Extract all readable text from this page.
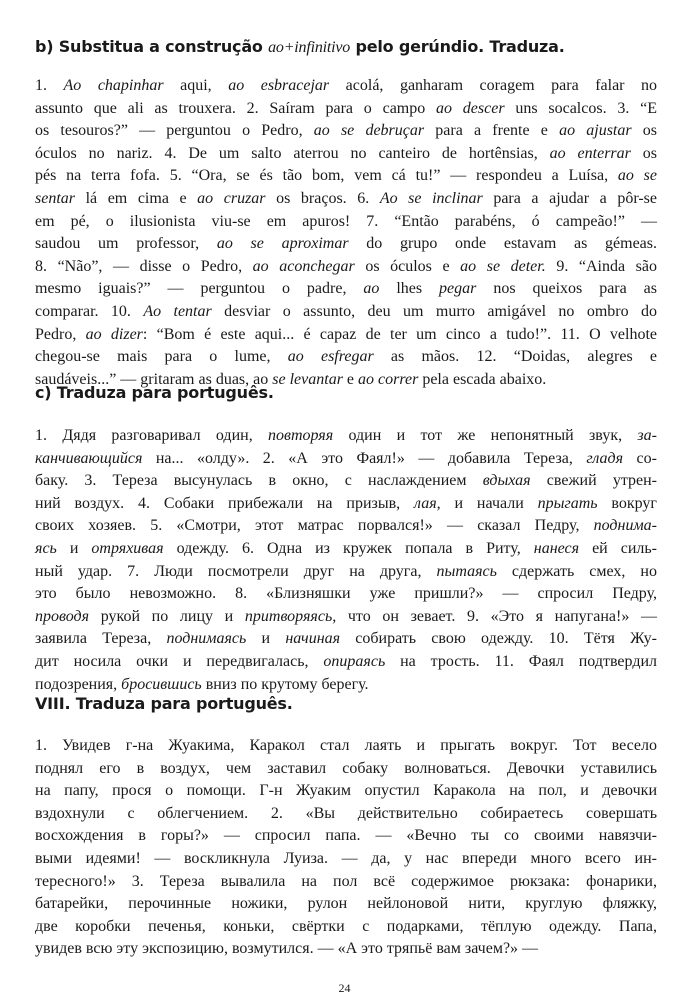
b) Substitua a construção ao+infinitivo pelo gerúndio. Traduza.
1. Ao chapinhar aqui, ao esbracejar acolá, ganharam coragem para falar no
assunto que ali as trouxera. 2. Saíram para o campo ao descer uns socalcos. 3. “E
os tesouros?” — perguntou o Pedro, ao se debruçar para a frente e ao ajustar os
óculos no nariz. 4. De um salto aterrou no canteiro de hortênsias, ao enterrar os
pés na terra fofa. 5. “Ora, se és tão bom, vem cá tu!” — respondeu a Luísa, ao se
sentar lá em cima e ao cruzar os braços. 6. Ao se inclinar para a ajudar a pôr-se
em pé, o ilusionista viu-se em apuros! 7. “Então parabéns, ó campeão!” —
saudou um professor, ao se aproximar do grupo onde estavam as gémeas.
8. “Não”, — disse o Pedro, ao aconchegar os óculos e ao se deter. 9. “Ainda são
mesmo iguais?” — perguntou o padre, ao lhes pegar nos queixos para as
comparar. 10. Ao tentar desviar o assunto, deu um murro amigável no ombro do
Pedro, ao dizer: “Bom é este aqui... é capaz de ter um cinco a tudo!”. 11. O velhote
chegou-se mais para o lume, ao esfregar as mãos. 12. “Doidas, alegres e
saudáveis...” — gritaram as duas, ao se levantar e ao correr pela escada abaixo.
c) Traduza para português.
1. Дядя разговаривал один, повторяя один и тот же непонятный звук, за-
канчивающийся на... «олду». 2. «А это Фаял!» — добавила Тереза, гладя со-
баку. 3. Тереза высунулась в окно, с наслаждением вдыхая свежий утрен-
ний воздух. 4. Собаки прибежали на призыв, лая, и начали прыгать вокруг
своих хозяев. 5. «Смотри, этот матрас порвался!» — сказал Педру, поднима-
ясь и отряхивая одежду. 6. Одна из кружек попала в Риту, нанеся ей силь-
ный удар. 7. Люди посмотрели друг на друга, пытаясь сдержать смех, но
это было невозможно. 8. «Близняшки уже пришли?» — спросил Педру,
проводя рукой по лицу и притворяясь, что он зевает. 9. «Это я напугана!» —
заявила Тереза, поднимаясь и начиная собирать свою одежду. 10. Тётя Жу-
дит носила очки и передвигалась, опираясь на трость. 11. Фаял подтвердил
подозрения, бросившись вниз по крутому берегу.
VIII. Traduza para português.
1. Увидев г-на Жуакима, Каракол стал лаять и прыгать вокруг. Тот весело
поднял его в воздух, чем заставил собаку волноваться. Девочки уставились
на папу, прося о помощи. Г-н Жуаким опустил Каракола на пол, и девочки
вздохнули с облегчением. 2. «Вы действительно собираетесь совершать
восхождения в горы?» — спросил папа. — «Вечно ты со своими навязчи-
выми идеями! — воскликнула Луиза. — да, у нас впереди много всего ин-
тересного!» 3. Тереза вывалила на пол всё содержимое рюкзака: фонарики,
батарейки, перочинные ножики, рулон нейлоновой нити, круглую фляжку,
две коробки печенья, коньки, свёртки с подарками, тёплую одежду. Папа,
увидев всю эту экспозицию, возмутился. — «А это тряпьё вам зачем?» —
24
